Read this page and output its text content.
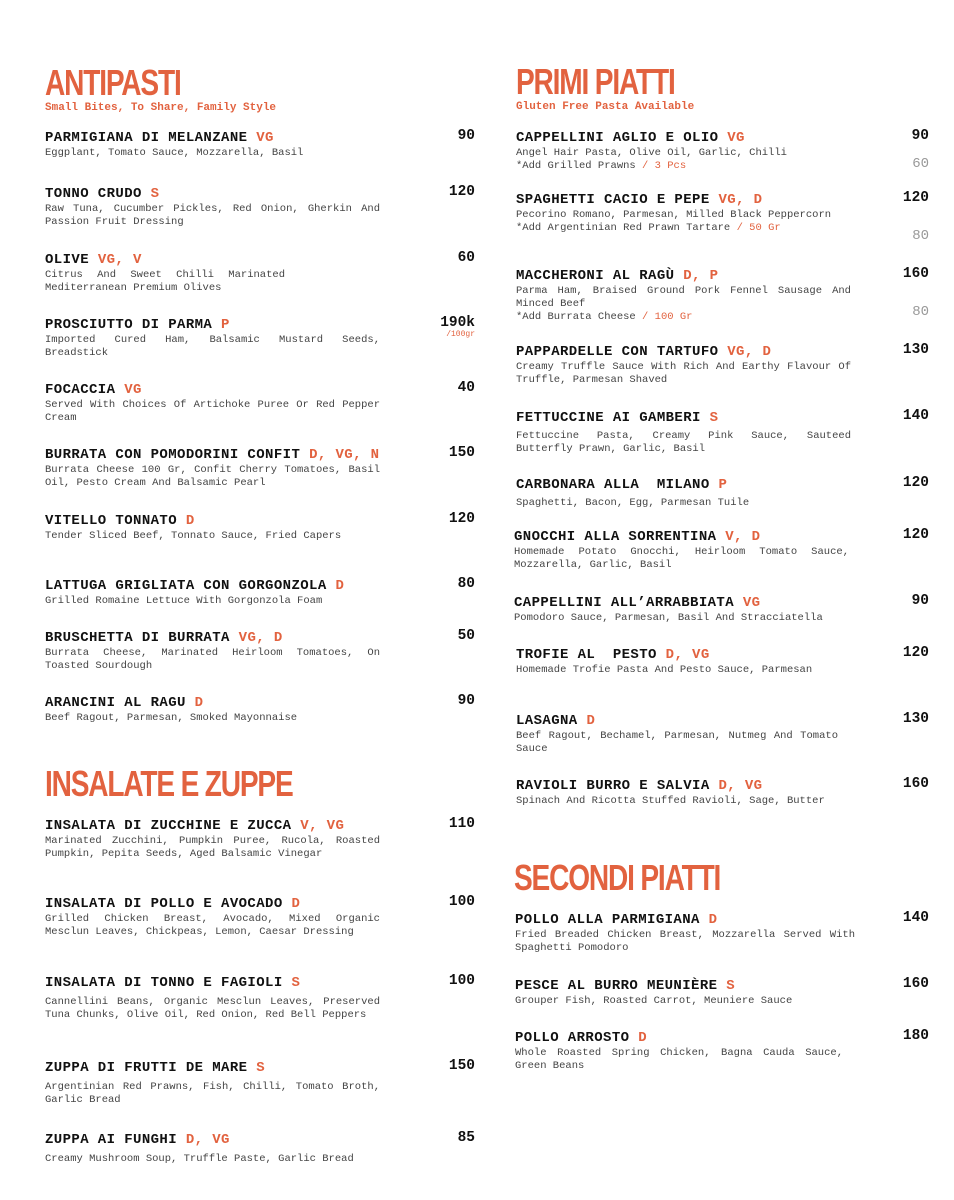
ANTIPASTI
Small Bites, To Share, Family Style
PARMIGIANA DI MELANZANE VG	90
Eggplant, Tomato Sauce, Mozzarella, Basil
TONNO CRUDO S	120
Raw Tuna, Cucumber Pickles, Red Onion, Gherkin And Passion Fruit Dressing
OLIVE VG, V	60
Citrus And Sweet Chilli Marinated Mediterranean Premium Olives
PROSCIUTTO DI PARMA P	190k
/100gr
Imported Cured Ham, Balsamic Mustard Seeds, Breadstick
FOCACCIA VG	40
Served With Choices Of Artichoke Puree Or Red Pepper Cream
BURRATA CON POMODORINI CONFIT D, VG, N	150
Burrata Cheese 100 Gr, Confit Cherry Tomatoes, Basil Oil, Pesto Cream And Balsamic Pearl
VITELLO TONNATO D	120
Tender Sliced Beef, Tonnato Sauce, Fried Capers
LATTUGA GRIGLIATA CON GORGONZOLA D	80
Grilled Romaine Lettuce With Gorgonzola Foam
BRUSCHETTA DI BURRATA VG, D	50
Burrata Cheese, Marinated Heirloom Tomatoes, On Toasted Sourdough
ARANCINI AL RAGU D	90
Beef Ragout, Parmesan, Smoked Mayonnaise
INSALATE E ZUPPE
INSALATA DI ZUCCHINE E ZUCCA V, VG	110
Marinated Zucchini, Pumpkin Puree, Rucola, Roasted Pumpkin, Pepita Seeds, Aged Balsamic Vinegar
INSALATA DI POLLO E AVOCADO D	100
Grilled Chicken Breast, Avocado, Mixed Organic Mesclun Leaves, Chickpeas, Lemon, Caesar Dressing
INSALATA DI TONNO E FAGIOLI S	100
Cannellini Beans, Organic Mesclun Leaves, Preserved Tuna Chunks, Olive Oil, Red Onion, Red Bell Peppers
ZUPPA DI FRUTTI DE MARE S	150
Argentinian Red Prawns, Fish, Chilli, Tomato Broth, Garlic Bread
ZUPPA AI FUNGHI D, VG	85
Creamy Mushroom Soup, Truffle Paste, Garlic Bread
PRIMI PIATTI
Gluten Free Pasta Available
CAPPELLINI AGLIO E OLIO VG	90
Angel Hair Pasta, Olive Oil, Garlic, Chilli
*Add Grilled Prawns / 3 Pcs	60
SPAGHETTI CACIO E PEPE VG, D	120
Pecorino Romano, Parmesan, Milled Black Peppercorn
*Add Argentinian Red Prawn Tartare / 50 Gr	80
MACCHERONI AL RAGÙ D, P	160
Parma Ham, Braised Ground Pork Fennel Sausage And Minced Beef
*Add Burrata Cheese / 100 Gr	80
PAPPARDELLE CON TARTUFO VG, D	130
Creamy Truffle Sauce With Rich And Earthy Flavour Of Truffle, Parmesan Shaved
FETTUCCINE AI GAMBERI S	140
Fettuccine Pasta, Creamy Pink Sauce, Sauteed Butterfly Prawn, Garlic, Basil
CARBONARA ALLA  MILANO P	120
Spaghetti, Bacon, Egg, Parmesan Tuile
GNOCCHI ALLA SORRENTINA V, D	120
Homemade Potato Gnocchi, Heirloom Tomato Sauce, Mozzarella, Garlic, Basil
CAPPELLINI ALL’ARRABBIATA VG	90
Pomodoro Sauce, Parmesan, Basil And Stracciatella
TROFIE AL  PESTO D, VG	120
Homemade Trofie Pasta And Pesto Sauce, Parmesan
LASAGNA D	130
Beef Ragout, Bechamel, Parmesan, Nutmeg And Tomato Sauce
RAVIOLI BURRO E SALVIA D, VG	160
Spinach And Ricotta Stuffed Ravioli, Sage, Butter
SECONDI PIATTI
POLLO ALLA PARMIGIANA D	140
Fried Breaded Chicken Breast, Mozzarella Served With Spaghetti Pomodoro
PESCE AL BURRO MEUNIÈRE S	160
Grouper Fish, Roasted Carrot, Meuniere Sauce
POLLO ARROSTO D	180
Whole Roasted Spring Chicken, Bagna Cauda Sauce, Green Beans
